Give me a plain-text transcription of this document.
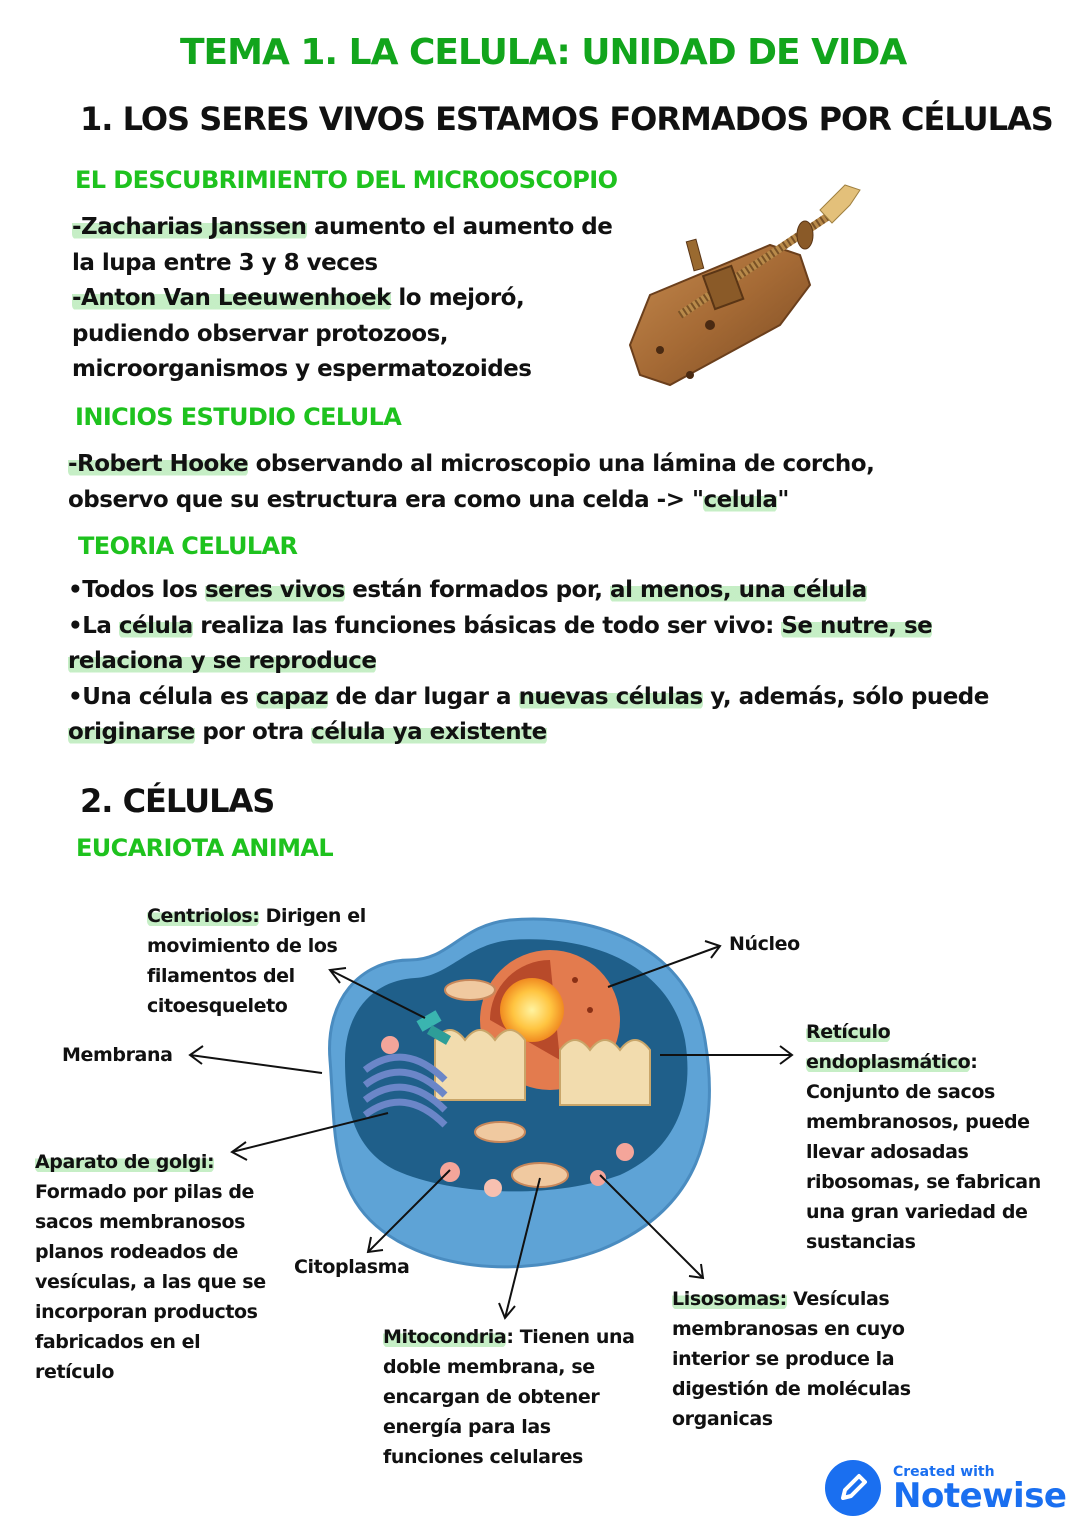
TEMA 1. LA CELULA: UNIDAD DE VIDA
1. LOS SERES VIVOS ESTAMOS FORMADOS POR CÉLULAS
EL DESCUBRIMIENTO DEL MICROOSCOPIO
-Zacharias Janssen aumento el aumento de
la lupa entre 3 y 8 veces
-Anton Van Leeuwenhoek lo mejoró,
pudiendo observar protozoos,
microorganismos y espermatozoides
INICIOS ESTUDIO CELULA
-Robert Hooke observando al microscopio una lámina de corcho,
observo que su estructura era como una celda -> "celula"
TEORIA CELULAR
•Todos los seres vivos están formados por, al menos, una célula
•La célula realiza las funciones básicas de todo ser vivo: Se nutre, se
relaciona y se reproduce
•Una célula es capaz de dar lugar a nuevas células y, además, sólo puede
originarse por otra célula ya existente
2. CÉLULAS
EUCARIOTA ANIMAL
Centriolos: Dirigen el
movimiento de los
filamentos del
citoesqueleto
Núcleo
Membrana
Retículo
endoplasmático:
Conjunto de sacos
membranosos, puede
llevar adosadas
ribosomas, se fabrican
una gran variedad de
sustancias
Aparato de golgi:
Formado por pilas de
sacos membranosos
planos rodeados de
vesículas, a las que se
incorporan productos
fabricados en el
retículo
Citoplasma
Mitocondria: Tienen una
doble membrana, se
encargan de obtener
energía para las
funciones celulares
Lisosomas: Vesículas
membranosas en cuyo
interior se produce la
digestión de moléculas
organicas
Created with
Notewise
